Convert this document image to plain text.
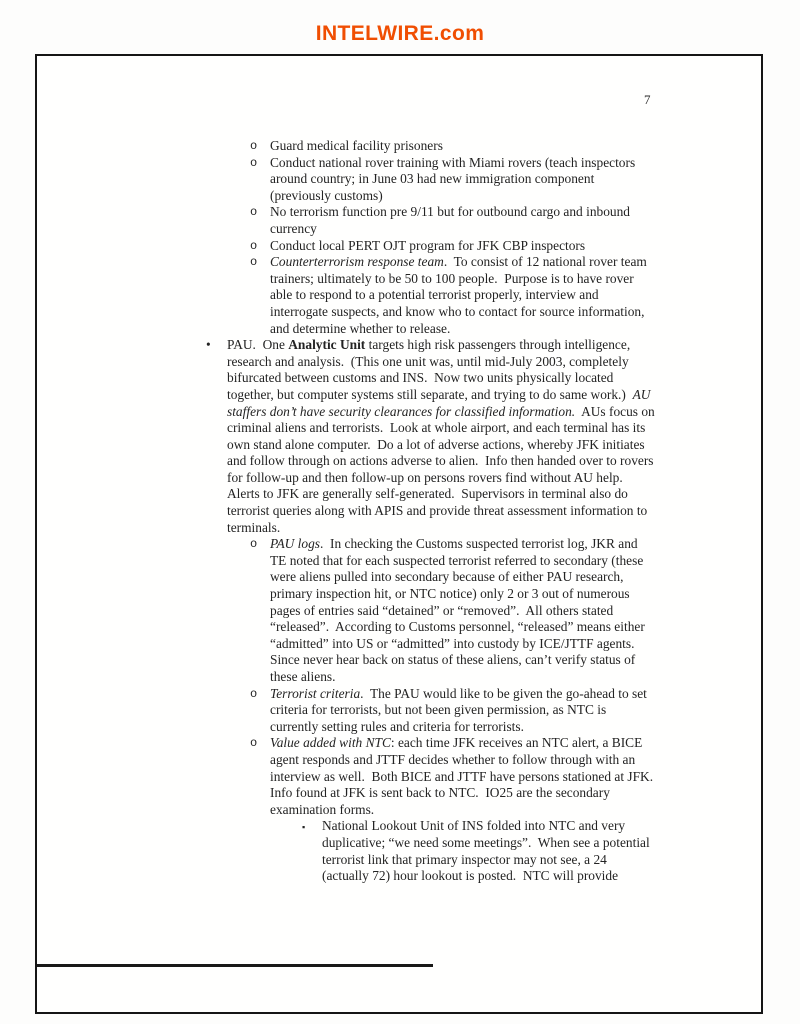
INTELWIRE.com
7
o Guard medical facility prisoners
o Conduct national rover training with Miami rovers (teach inspectors around country; in June 03 had new immigration component (previously customs)
o No terrorism function pre 9/11 but for outbound cargo and inbound currency
o Conduct local PERT OJT program for JFK CBP inspectors
o Counterterrorism response team.  To consist of 12 national rover team trainers; ultimately to be 50 to 100 people.  Purpose is to have rover able to respond to a potential terrorist properly, interview and interrogate suspects, and know who to contact for source information, and determine whether to release.
• PAU.  One Analytic Unit targets high risk passengers through intelligence, research and analysis.  (This one unit was, until mid-July 2003, completely bifurcated between customs and INS.  Now two units physically located together, but computer systems still separate, and trying to do same work.)  AU staffers don’t have security clearances for classified information.  AUs focus on criminal aliens and terrorists.  Look at whole airport, and each terminal has its own stand alone computer.  Do a lot of adverse actions, whereby JFK initiates and follow through on actions adverse to alien.  Info then handed over to rovers for follow-up and then follow-up on persons rovers find without AU help.  Alerts to JFK are generally self-generated.  Supervisors in terminal also do terrorist queries along with APIS and provide threat assessment information to terminals.
o PAU logs.  In checking the Customs suspected terrorist log, JKR and TE noted that for each suspected terrorist referred to secondary (these were aliens pulled into secondary because of either PAU research, primary inspection hit, or NTC notice) only 2 or 3 out of numerous pages of entries said “detained” or “removed”.  All others stated “released”.  According to Customs personnel, “released” means either “admitted” into US or “admitted” into custody by ICE/JTTF agents.  Since never hear back on status of these aliens, can’t verify status of these aliens.
o Terrorist criteria.  The PAU would like to be given the go-ahead to set criteria for terrorists, but not been given permission, as NTC is currently setting rules and criteria for terrorists.
o Value added with NTC: each time JFK receives an NTC alert, a BICE agent responds and JTTF decides whether to follow through with an interview as well.  Both BICE and JTTF have persons stationed at JFK.  Info found at JFK is sent back to NTC.  IO25 are the secondary examination forms.
▪ National Lookout Unit of INS folded into NTC and very duplicative; “we need some meetings”.  When see a potential terrorist link that primary inspector may not see, a 24 (actually 72) hour lookout is posted.  NTC will provide
